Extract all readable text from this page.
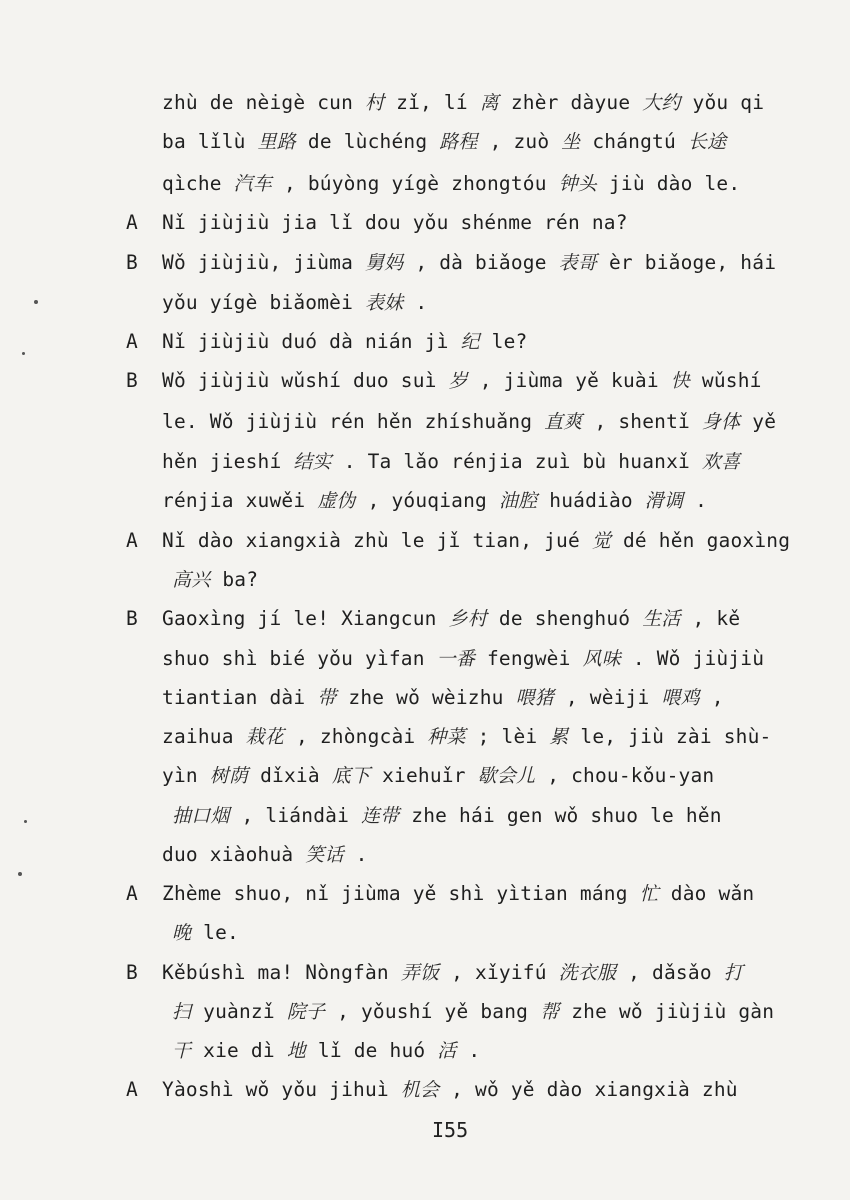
I55
zhù de nèigè cun 村 zǐ, lí 离 zhèr dàyue 大约 yǒu qi
ba lǐlù 里路 de lùchéng 路程 , zuò 坐 chángtú 长途
qìche 汽车 , búyòng yígè zhongtóu 钟头 jiù dào le.
A Nǐ jiùjiù jia lǐ dou yǒu shénme rén na?
B Wǒ jiùjiù, jiùma 舅妈 , dà biǎoge 表哥 èr biǎoge, hái
yǒu yígè biǎomèi 表妹 .
A Nǐ jiùjiù duó dà nián jì 纪 le?
B Wǒ jiùjiù wǔshí duo suì 岁 , jiùma yě kuài 快 wǔshí
le. Wǒ jiùjiù rén hěn zhíshuǎng 直爽 , shentǐ 身体 yě
hěn jieshí 结实 . Ta lǎo rénjia zuì bù huanxǐ 欢喜
rénjia xuwěi 虚伪 , yóuqiang 油腔 huádiào 滑调 .
A Nǐ dào xiangxià zhù le jǐ tian, jué 觉 dé hěn gaoxìng
高兴 ba?
B Gaoxìng jí le! Xiangcun 乡村 de shenghuó 生活 , kě
shuo shì bié yǒu yìfan 一番 fengwèi 风味 . Wǒ jiùjiù
tiantian dài 带 zhe wǒ wèizhu 喂猪 , wèiji 喂鸡 ,
zaihua 栽花 , zhòngcài 种菜 ; lèi 累 le, jiù zài shù-
yìn 树荫 dǐxià 底下 xiehuǐr 歇会儿 , chou-kǒu-yan
抽口烟 , liándài 连带 zhe hái gen wǒ shuo le hěn
duo xiàohuà 笑话 .
A Zhème shuo, nǐ jiùma yě shì yìtian máng 忙 dào wǎn
晚 le.
B Kěbúshì ma! Nòngfàn 弄饭 , xǐyifú 洗衣服 , dǎsǎo 打
扫 yuànzǐ 院子 , yǒushí yě bang 帮 zhe wǒ jiùjiù gàn
干 xie dì 地 lǐ de huó 活 .
A Yàoshì wǒ yǒu jihuì 机会 , wǒ yě dào xiangxià zhù
